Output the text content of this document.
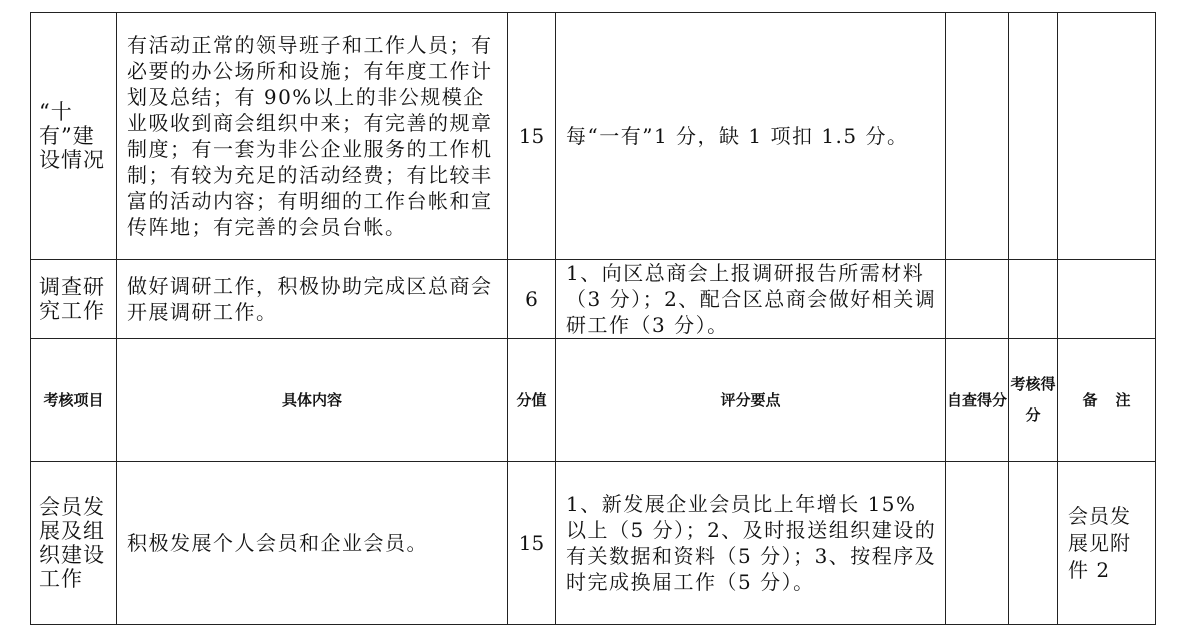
“十有”建设情况	有活动正常的领导班子和工作人员；有必要的办公场所和设施；有年度工作计划及总结；有 90%以上的非公规模企业吸收到商会组织中来；有完善的规章制度；有一套为非公企业服务的工作机制；有较为充足的活动经费；有比较丰富的活动内容；有明细的工作台帐和宣传阵地；有完善的会员台帐。	15	每“一有”1 分，缺 1 项扣 1.5 分。			

调查研究工作	做好调研工作，积极协助完成区总商会开展调研工作。	6	1、向区总商会上报调研报告所需材料（3 分）；2、配合区总商会做好相关调研工作（3 分）。			

考核项目	具体内容	分值	评分要点	自查得分	考核得分	备注

会员发展及组织建设工作	积极发展个人会员和企业会员。	15	1、新发展企业会员比上年增长 15%以上（5 分）；2、及时报送组织建设的有关数据和资料（5 分）；3、按程序及时完成换届工作（5 分）。			会员发展见附件 2
